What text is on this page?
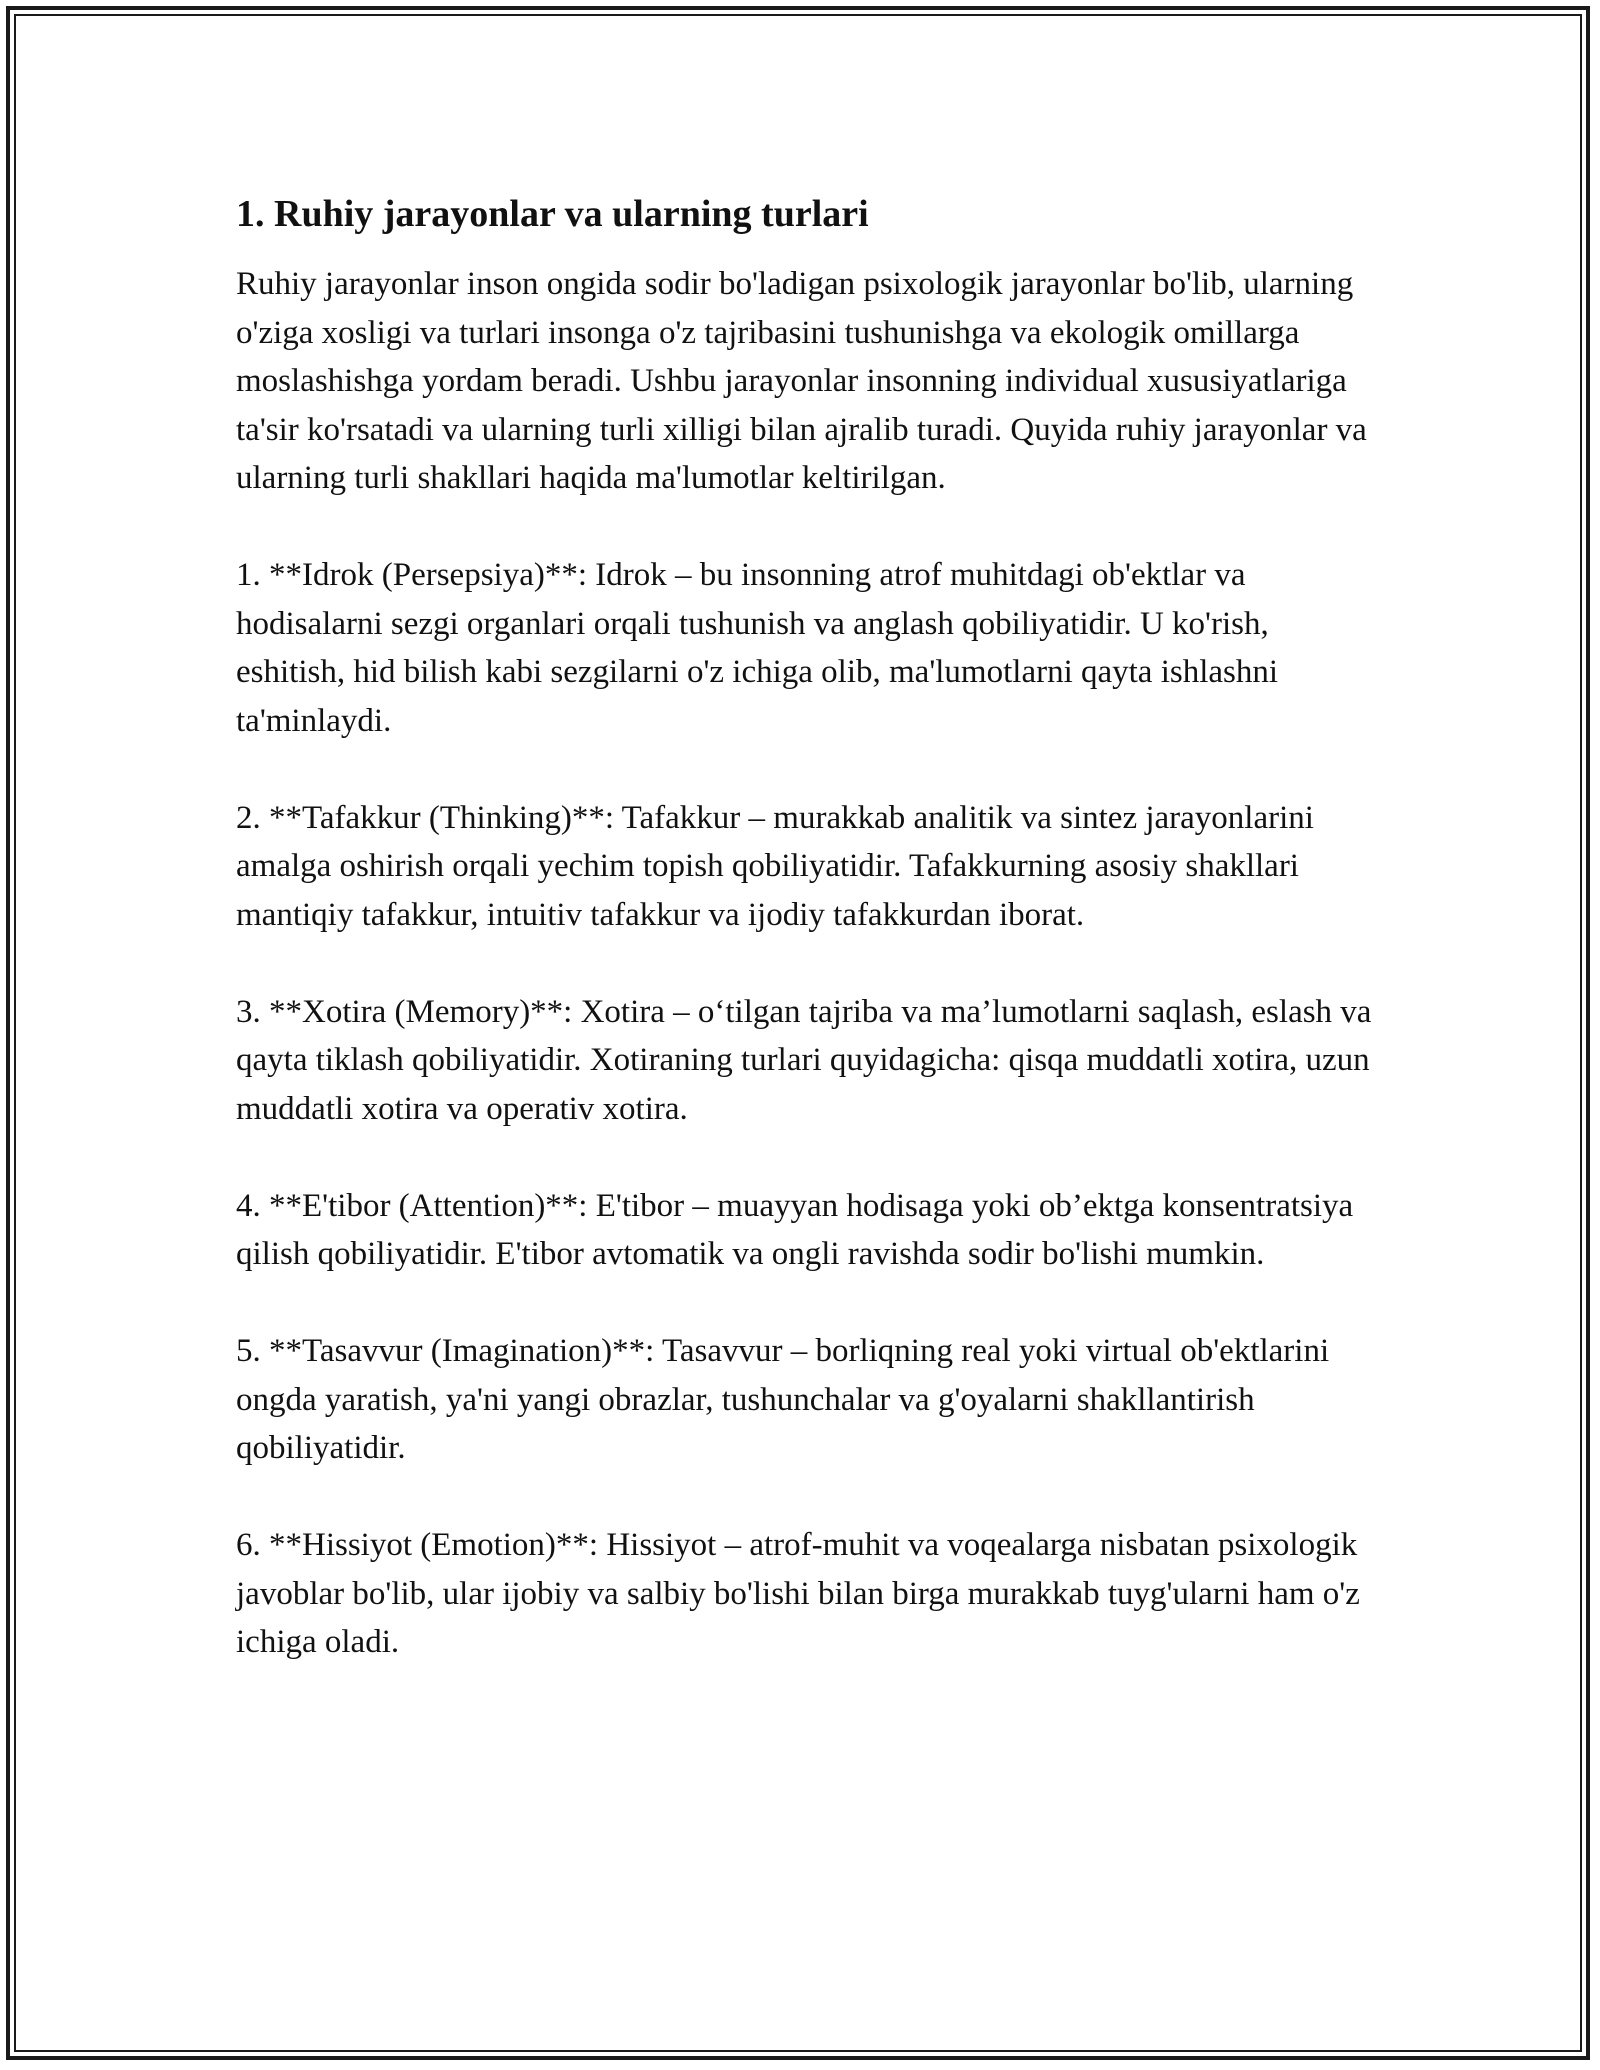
1. Ruhiy jarayonlar va ularning turlari

Ruhiy jarayonlar inson ongida sodir bo'ladigan psixologik jarayonlar bo'lib, ularning o'ziga xosligi va turlari insonga o'z tajribasini tushunishga va ekologik omillarga moslashishga yordam beradi. Ushbu jarayonlar insonning individual xususiyatlariga ta'sir ko'rsatadi va ularning turli xilligi bilan ajralib turadi. Quyida ruhiy jarayonlar va ularning turli shakllari haqida ma'lumotlar keltirilgan.

1. **Idrok (Persepsiya)**: Idrok – bu insonning atrof muhitdagi ob'ektlar va hodisalarni sezgi organlari orqali tushunish va anglash qobiliyatidir. U ko'rish, eshitish, hid bilish kabi sezgilarni o'z ichiga olib, ma'lumotlarni qayta ishlashni ta'minlaydi.

2. **Tafakkur (Thinking)**: Tafakkur – murakkab analitik va sintez jarayonlarini amalga oshirish orqali yechim topish qobiliyatidir. Tafakkurning asosiy shakllari mantiqiy tafakkur, intuitiv tafakkur va ijodiy tafakkurdan iborat.

3. **Xotira (Memory)**: Xotira – o‘tilgan tajriba va ma’lumotlarni saqlash, eslash va qayta tiklash qobiliyatidir. Xotiraning turlari quyidagicha: qisqa muddatli xotira, uzun muddatli xotira va operativ xotira.

4. **E'tibor (Attention)**: E'tibor – muayyan hodisaga yoki ob’ektga konsentratsiya qilish qobiliyatidir. E'tibor avtomatik va ongli ravishda sodir bo'lishi mumkin.

5. **Tasavvur (Imagination)**: Tasavvur – borliqning real yoki virtual ob'ektlarini ongda yaratish, ya'ni yangi obrazlar, tushunchalar va g'oyalarni shakllantirish qobiliyatidir.

6. **Hissiyot (Emotion)**: Hissiyot – atrof-muhit va voqealarga nisbatan psixologik javoblar bo'lib, ular ijobiy va salbiy bo'lishi bilan birga murakkab tuyg'ularni ham o'z ichiga oladi.
